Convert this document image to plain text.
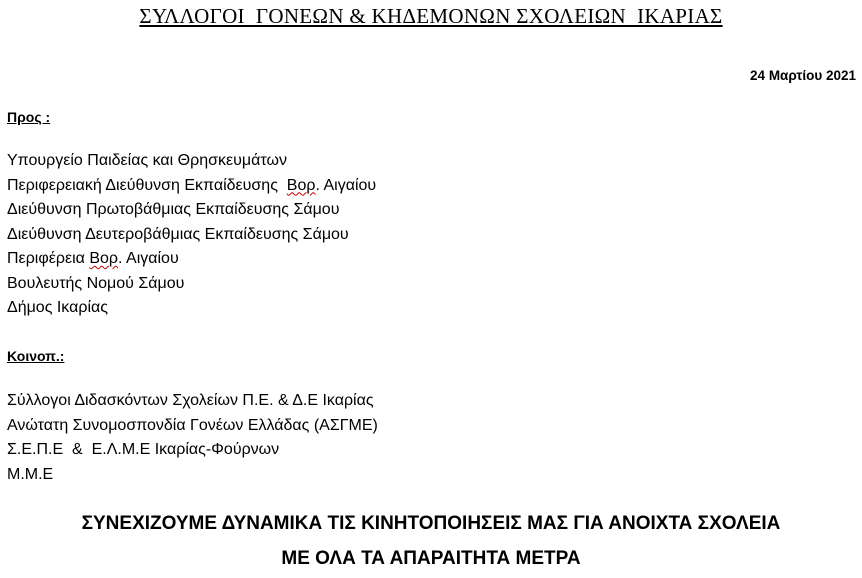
ΣΥΛΛΟΓΟΙ  ΓΟΝΕΩΝ & ΚΗΔΕΜΟΝΩΝ ΣΧΟΛΕΙΩΝ  ΙΚΑΡΙΑΣ
24 Μαρτίου 2021
Προς :
Υπουργείο Παιδείας και Θρησκευμάτων
Περιφερειακή Διεύθυνση Εκπαίδευσης  Βορ. Αιγαίου
Διεύθυνση Πρωτοβάθμιας Εκπαίδευσης Σάμου
Διεύθυνση Δευτεροβάθμιας Εκπαίδευσης Σάμου
Περιφέρεια Βορ. Αιγαίου
Βουλευτής Νομού Σάμου
Δήμος Ικαρίας
Κοινοπ.:
Σύλλογοι Διδασκόντων Σχολείων Π.Ε. & Δ.Ε Ικαρίας
Ανώτατη Συνομοσπονδία Γονέων Ελλάδας (ΑΣΓΜΕ)
Σ.Ε.Π.Ε  &  Ε.Λ.Μ.Ε Ικαρίας-Φούρνων
Μ.Μ.Ε
ΣΥΝΕΧΙΖΟΥΜΕ ΔΥΝΑΜΙΚΑ ΤΙΣ ΚΙΝΗΤΟΠΟΙΗΣΕΙΣ ΜΑΣ ΓΙΑ ΑΝΟΙΧΤΑ ΣΧΟΛΕΙΑ
ΜΕ ΟΛΑ ΤΑ ΑΠΑΡΑΙΤΗΤΑ ΜΕΤΡΑ
